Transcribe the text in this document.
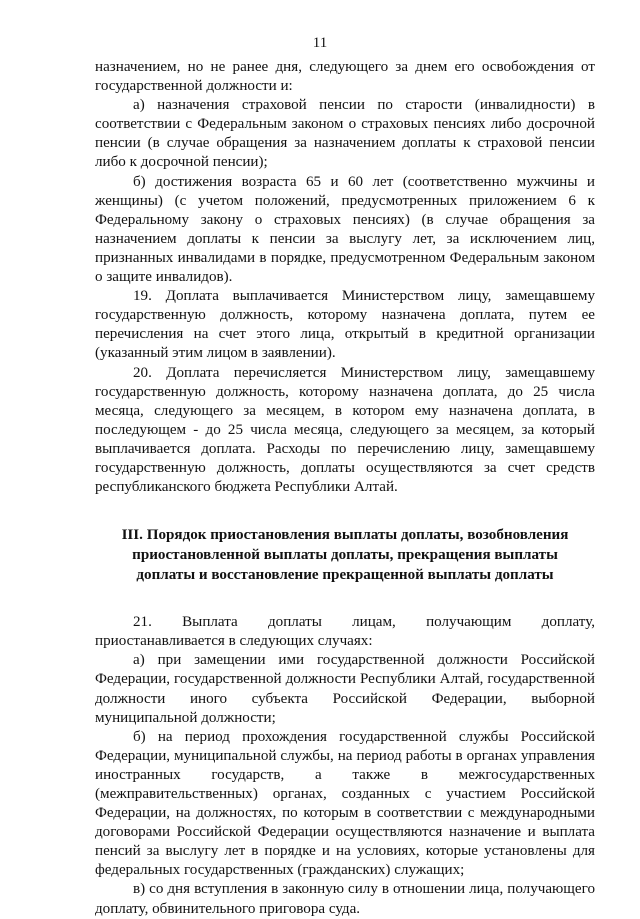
11

назначением, но не ранее дня, следующего за днем его освобождения от государственной должности и:

а) назначения страховой пенсии по старости (инвалидности) в соответствии с Федеральным законом о страховых пенсиях либо досрочной пенсии (в случае обращения за назначением доплаты к страховой пенсии либо к досрочной пенсии);

б) достижения возраста 65 и 60 лет (соответственно мужчины и женщины) (с учетом положений, предусмотренных приложением 6 к Федеральному закону о страховых пенсиях) (в случае обращения за назначением доплаты к пенсии за выслугу лет, за исключением лиц, признанных инвалидами в порядке, предусмотренном Федеральным законом о защите инвалидов).

19. Доплата выплачивается Министерством лицу, замещавшему государственную должность, которому назначена доплата, путем ее перечисления на счет этого лица, открытый в кредитной организации (указанный этим лицом в заявлении).

20. Доплата перечисляется Министерством лицу, замещавшему государственную должность, которому назначена доплата, до 25 числа месяца, следующего за месяцем, в котором ему назначена доплата, в последующем - до 25 числа месяца, следующего за месяцем, за который выплачивается доплата. Расходы по перечислению лицу, замещавшему государственную должность, доплаты осуществляются за счет средств республиканского бюджета Республики Алтай.

III. Порядок приостановления выплаты доплаты, возобновления приостановленной выплаты доплаты, прекращения выплаты доплаты и восстановление прекращенной выплаты доплаты

21. Выплата доплаты лицам, получающим доплату, приостанавливается в следующих случаях:

а) при замещении ими государственной должности Российской Федерации, государственной должности Республики Алтай, государственной должности иного субъекта Российской Федерации, выборной муниципальной должности;

б) на период прохождения государственной службы Российской Федерации, муниципальной службы, на период работы в органах управления иностранных государств, а также в межгосударственных (межправительственных) органах, созданных с участием Российской Федерации, на должностях, по которым в соответствии с международными договорами Российской Федерации осуществляются назначение и выплата пенсий за выслугу лет в порядке и на условиях, которые установлены для федеральных государственных (гражданских) служащих;

в) со дня вступления в законную силу в отношении лица, получающего доплату, обвинительного приговора суда.
